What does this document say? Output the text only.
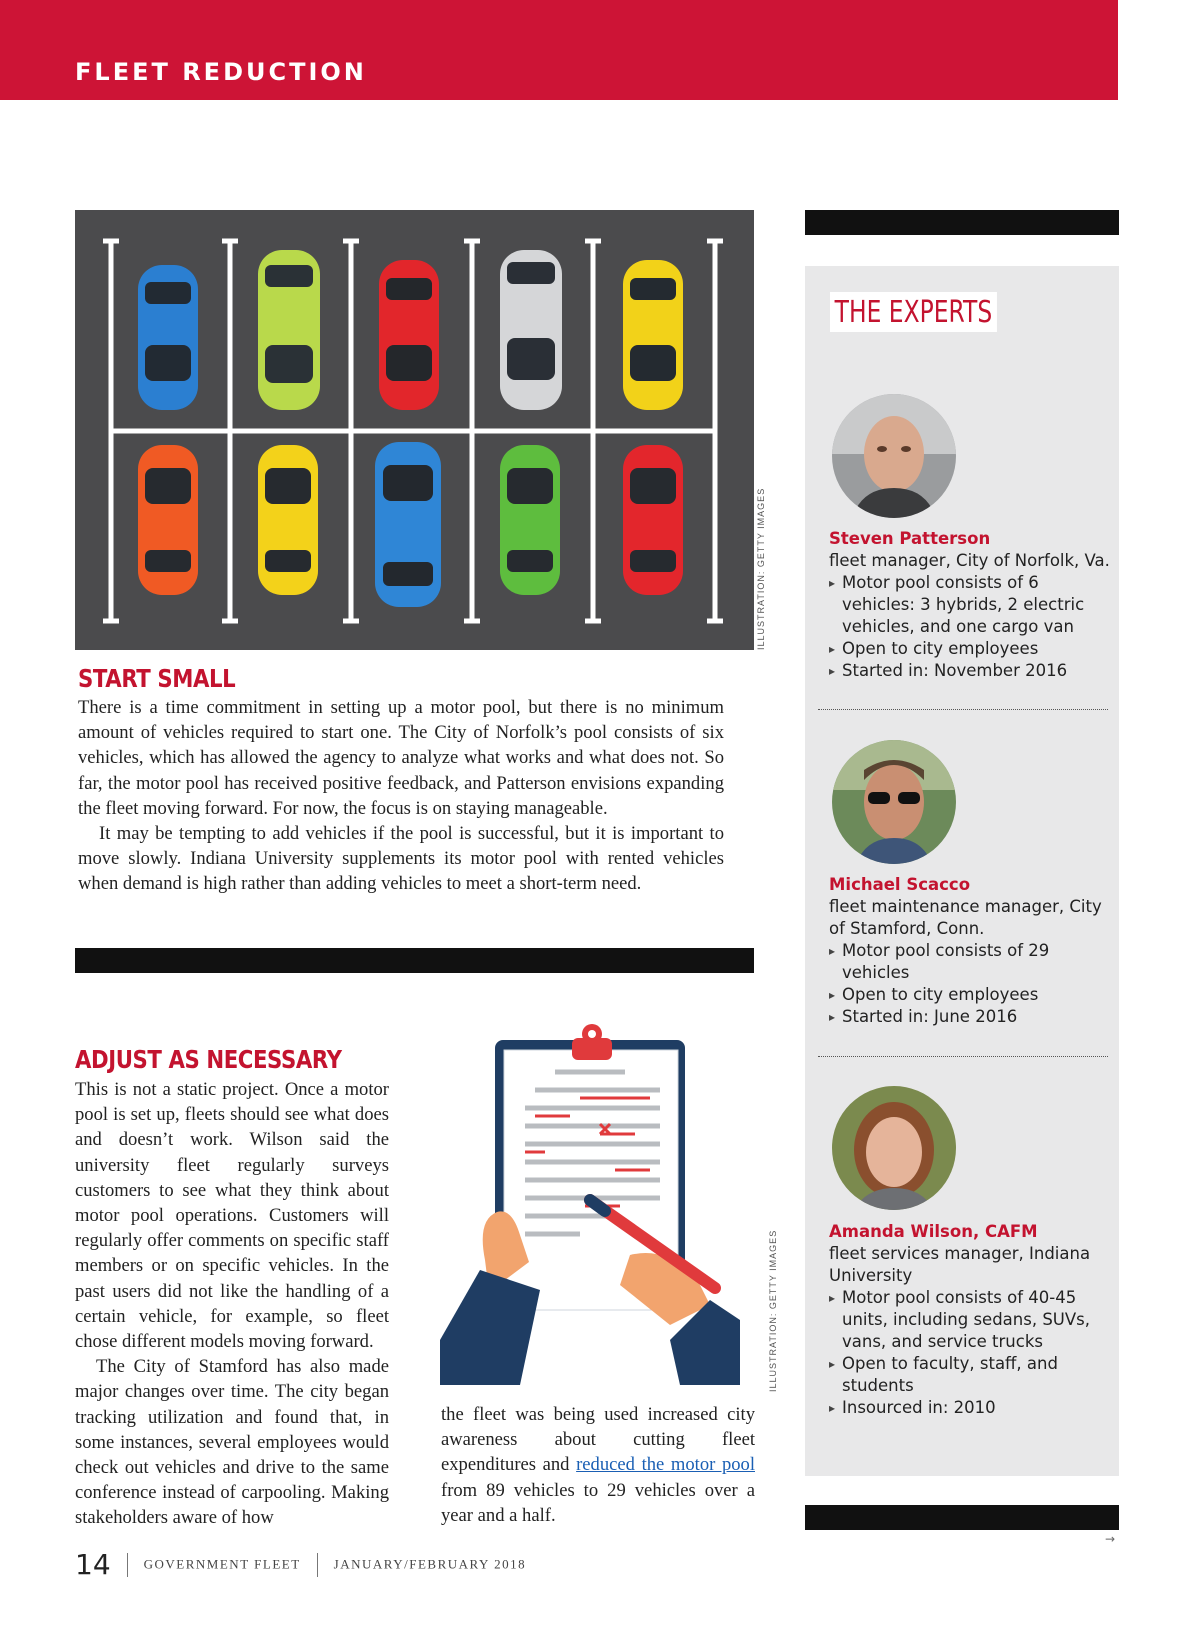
FLEET REDUCTION
ILLUSTRATION: GETTY IMAGES
START SMALL

There is a time commitment in setting up a motor pool, but there is no minimum amount of vehicles required to start one. The City of Norfolk’s pool consists of six vehicles, which has allowed the agency to analyze what works and what does not. So far, the motor pool has received positive feedback, and Patterson envisions expanding the fleet moving forward. For now, the focus is on staying manageable.

It may be tempting to add vehicles if the pool is successful, but it is important to move slowly. Indiana University supplements its motor pool with rented vehicles when demand is high rather than adding vehicles to meet a short-term need.

ADJUST AS NECESSARY

This is not a static project. Once a motor pool is set up, fleets should see what does and doesn’t work. Wilson said the university fleet regularly surveys customers to see what they think about motor pool operations. Customers will regularly offer comments on specific staff members or on specific vehicles. In the past users did not like the handling of a certain vehicle, for example, so fleet chose different models moving forward.

The City of Stamford has also made major changes over time. The city began tracking utilization and found that, in some instances, several employees would check out vehicles and drive to the same conference instead of carpooling. Making stakeholders aware of how

ILLUSTRATION: GETTY IMAGES

the fleet was being used increased city awareness about cutting fleet expenditures and reduced the motor pool from 89 vehicles to 29 vehicles over a year and a half.

THE EXPERTS
Steven Patterson
fleet manager, City of Norfolk, Va.
▸ Motor pool consists of 6 vehicles: 3 hybrids, 2 electric vehicles, and one cargo van
▸ Open to city employees
▸ Started in: November 2016
Michael Scacco
fleet maintenance manager, City of Stamford, Conn.
▸ Motor pool consists of 29 vehicles
▸ Open to city employees
▸ Started in: June 2016
Amanda Wilson, CAFM
fleet services manager, Indiana University
▸ Motor pool consists of 40-45 units, including sedans, SUVs, vans, and service trucks
▸ Open to faculty, staff, and students
▸ Insourced in: 2010
→
14	GOVERNMENT FLEET	JANUARY/FEBRUARY 2018
